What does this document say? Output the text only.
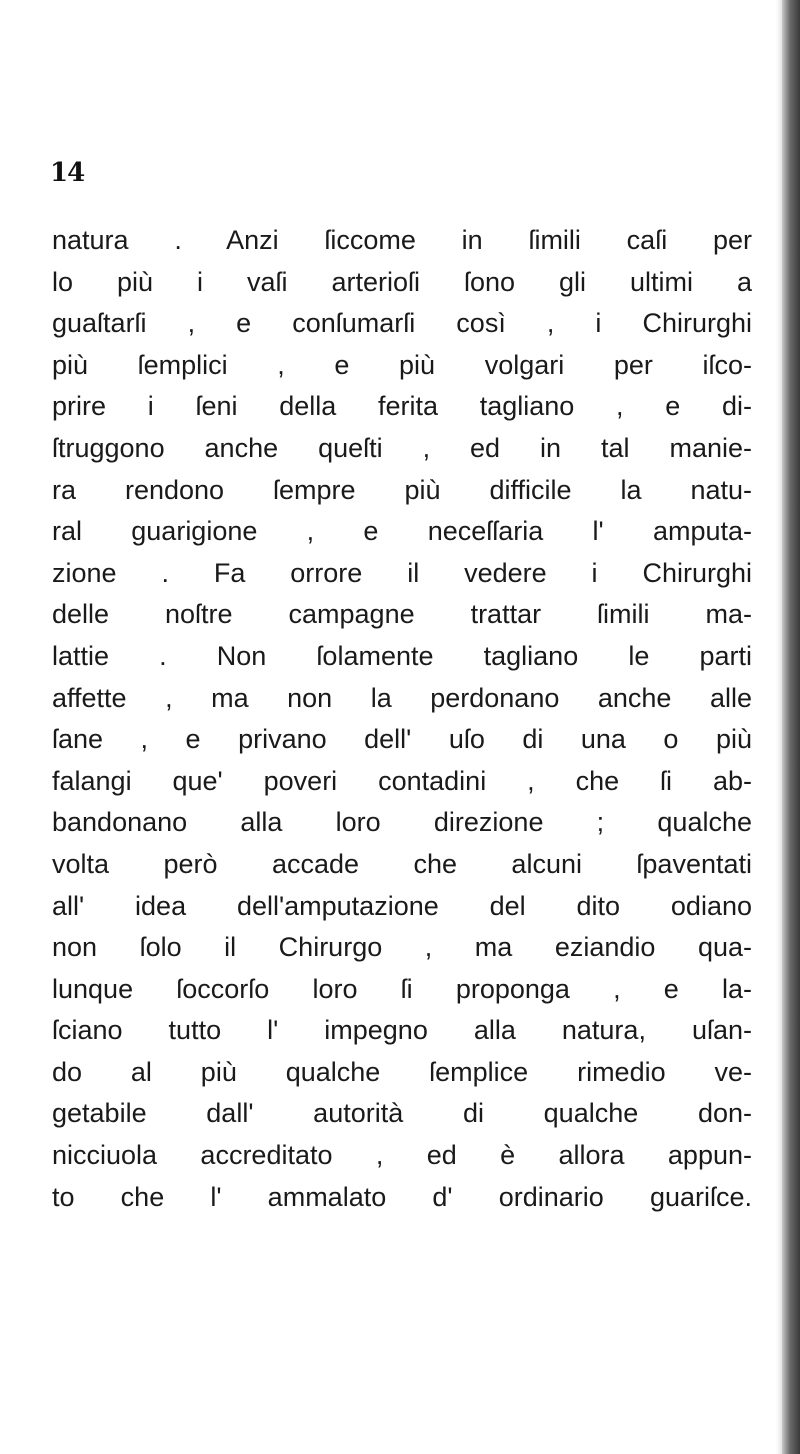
14
natura . Anzi ſiccome in ſimili caſi per
lo più i vaſi arterioſi ſono gli ultimi a
guaſtarſi , e conſumarſi così , i Chirurghi
più ſemplici , e più volgari per iſco-
prire i ſeni della ferita tagliano , e di-
ſtruggono anche queſti , ed in tal manie-
ra rendono ſempre più difficile la natu-
ral guarigione , e neceſſaria l' amputa-
zione . Fa orrore il vedere i Chirurghi
delle noſtre campagne trattar ſimili ma-
lattie . Non ſolamente tagliano le parti
affette , ma non la perdonano anche alle
ſane , e privano dell' uſo di una o più
falangi que' poveri contadini , che ſi ab-
bandonano alla loro direzione ; qualche
volta però accade che alcuni ſpaventati
all' idea dell'amputazione del dito odiano
non ſolo il Chirurgo , ma eziandio qua-
lunque ſoccorſo loro ſi proponga , e la-
ſciano tutto l' impegno alla natura, uſan-
do al più qualche ſemplice rimedio ve-
getabile dall' autorità di qualche don-
nicciuola accreditato , ed è allora appun-
to che l' ammalato d' ordinario guariſce.
